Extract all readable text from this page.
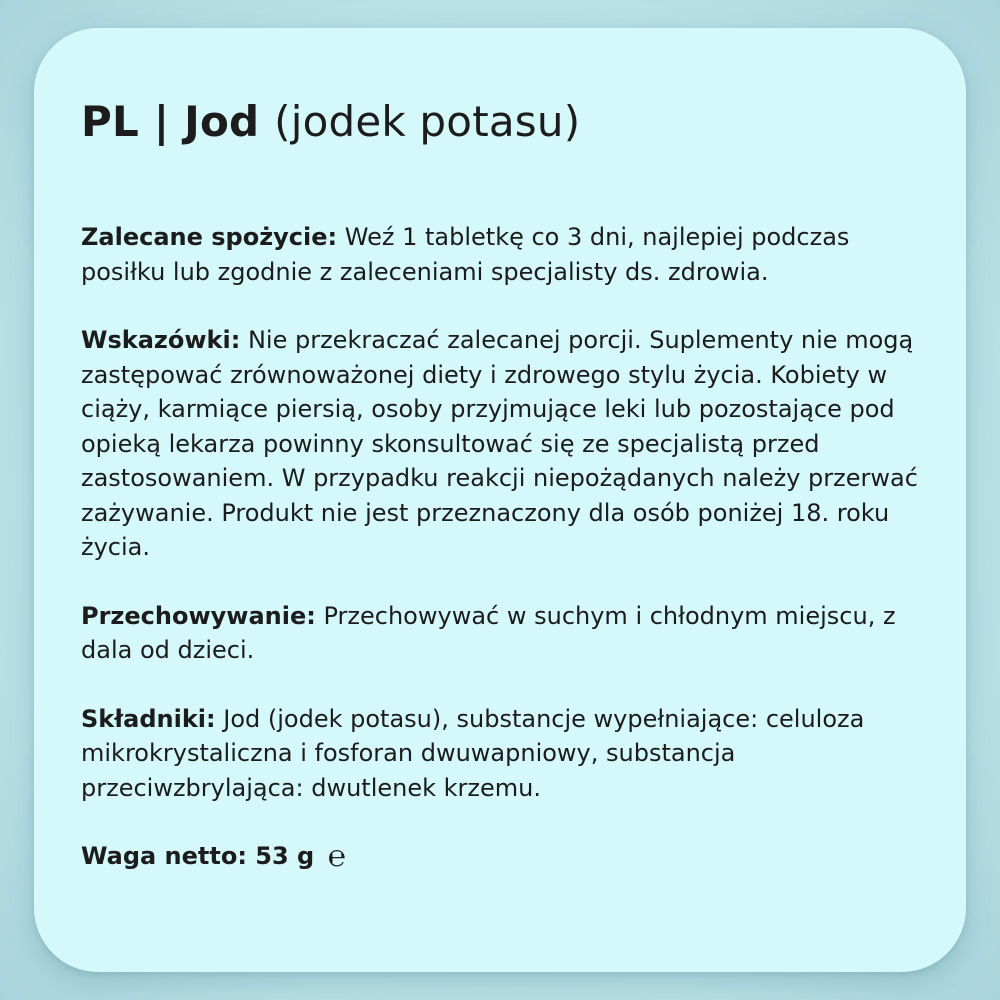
PL | Jod (jodek potasu)

Zalecane spożycie: Weź 1 tabletkę co 3 dni, najlepiej podczas posiłku lub zgodnie z zaleceniami specjalisty ds. zdrowia.

Wskazówki: Nie przekraczać zalecanej porcji. Suplementy nie mogą zastępować zrównoważonej diety i zdrowego stylu życia. Kobiety w ciąży, karmiące piersią, osoby przyjmujące leki lub pozostające pod opieką lekarza powinny skonsultować się ze specjalistą przed zastosowaniem. W przypadku reakcji niepożądanych należy przerwać zażywanie. Produkt nie jest przeznaczony dla osób poniżej 18. roku życia.

Przechowywanie: Przechowywać w suchym i chłodnym miejscu, z dala od dzieci.

Składniki: Jod (jodek potasu), substancje wypełniające: celuloza mikrokrystaliczna i fosforan dwuwapniowy, substancja przeciwzbrylająca: dwutlenek krzemu.

Waga netto: 53 g ℮
